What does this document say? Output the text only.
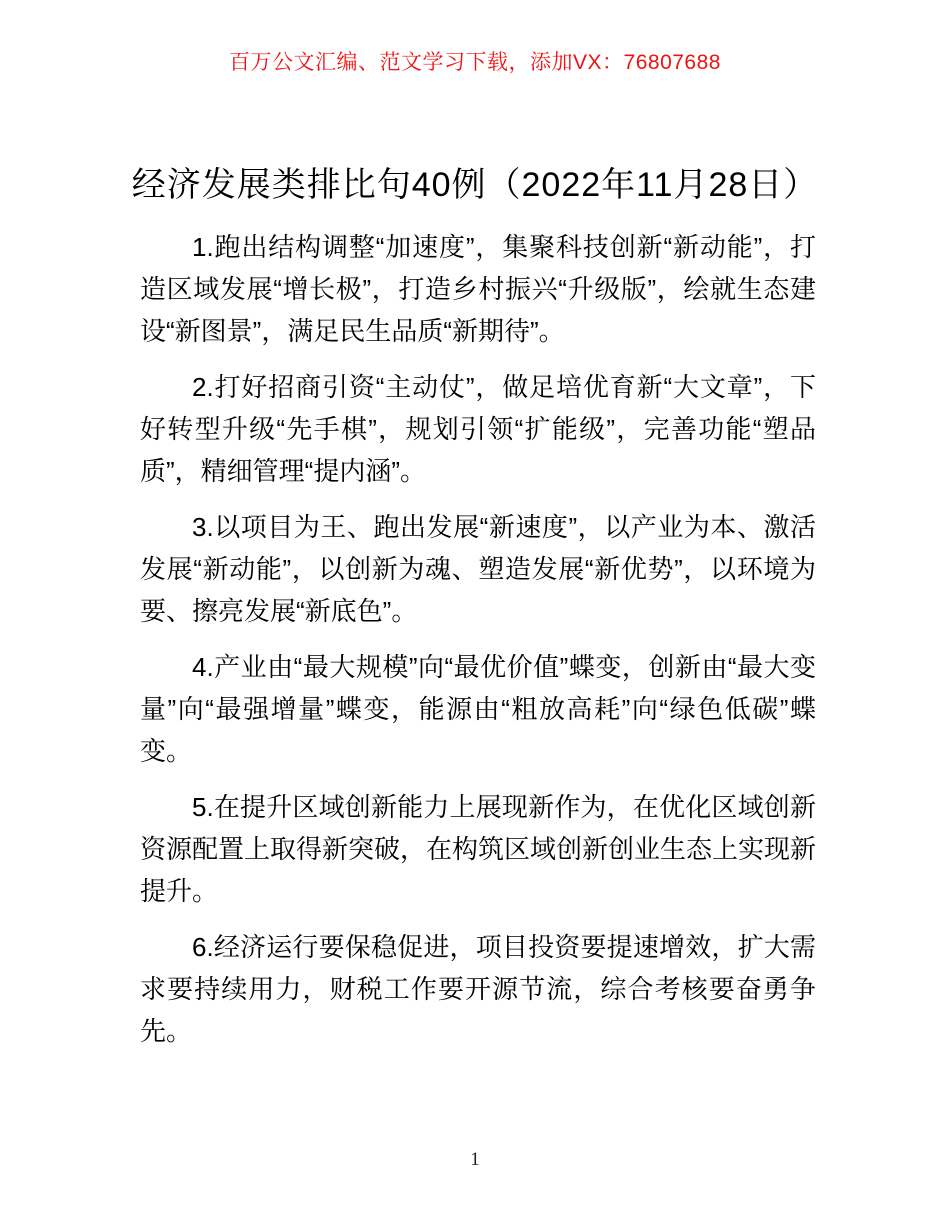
百万公文汇编、范文学习下载，添加VX：76807688
经济发展类排比句40例（2022年11月28日）

1.跑出结构调整“加速度”，集聚科技创新“新动能”，打造区域发展“增长极”，打造乡村振兴“升级版”，绘就生态建设“新图景”，满足民生品质“新期待”。

2.打好招商引资“主动仗”，做足培优育新“大文章”，下好转型升级“先手棋”，规划引领“扩能级”，完善功能“塑品质”，精细管理“提内涵”。

3.以项目为王、跑出发展“新速度”，以产业为本、激活发展“新动能”，以创新为魂、塑造发展“新优势”，以环境为要、擦亮发展“新底色”。

4.产业由“最大规模”向“最优价值”蝶变，创新由“最大变量”向“最强增量”蝶变，能源由“粗放高耗”向“绿色低碳”蝶变。

5.在提升区域创新能力上展现新作为，在优化区域创新资源配置上取得新突破，在构筑区域创新创业生态上实现新提升。

6.经济运行要保稳促进，项目投资要提速增效，扩大需求要持续用力，财税工作要开源节流，综合考核要奋勇争先。

1
